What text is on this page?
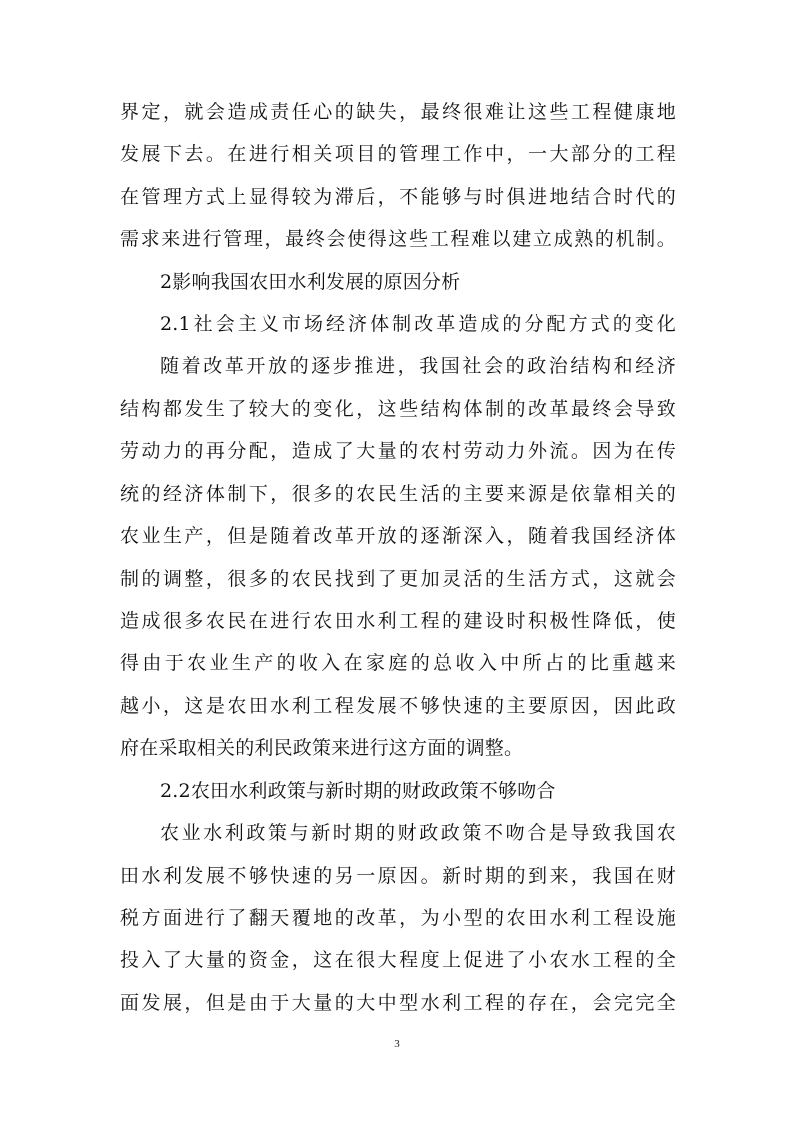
界定，就会造成责任心的缺失，最终很难让这些工程健康地
发展下去。在进行相关项目的管理工作中，一大部分的工程
在管理方式上显得较为滞后，不能够与时俱进地结合时代的
需求来进行管理，最终会使得这些工程难以建立成熟的机制。
2影响我国农田水利发展的原因分析
2.1社会主义市场经济体制改革造成的分配方式的变化
随着改革开放的逐步推进，我国社会的政治结构和经济
结构都发生了较大的变化，这些结构体制的改革最终会导致
劳动力的再分配，造成了大量的农村劳动力外流。因为在传
统的经济体制下，很多的农民生活的主要来源是依靠相关的
农业生产，但是随着改革开放的逐渐深入，随着我国经济体
制的调整，很多的农民找到了更加灵活的生活方式，这就会
造成很多农民在进行农田水利工程的建设时积极性降低，使
得由于农业生产的收入在家庭的总收入中所占的比重越来
越小，这是农田水利工程发展不够快速的主要原因，因此政
府在采取相关的利民政策来进行这方面的调整。
2.2农田水利政策与新时期的财政政策不够吻合
农业水利政策与新时期的财政政策不吻合是导致我国农
田水利发展不够快速的另一原因。新时期的到来，我国在财
税方面进行了翻天覆地的改革，为小型的农田水利工程设施
投入了大量的资金，这在很大程度上促进了小农水工程的全
面发展，但是由于大量的大中型水利工程的存在，会完完全
3
